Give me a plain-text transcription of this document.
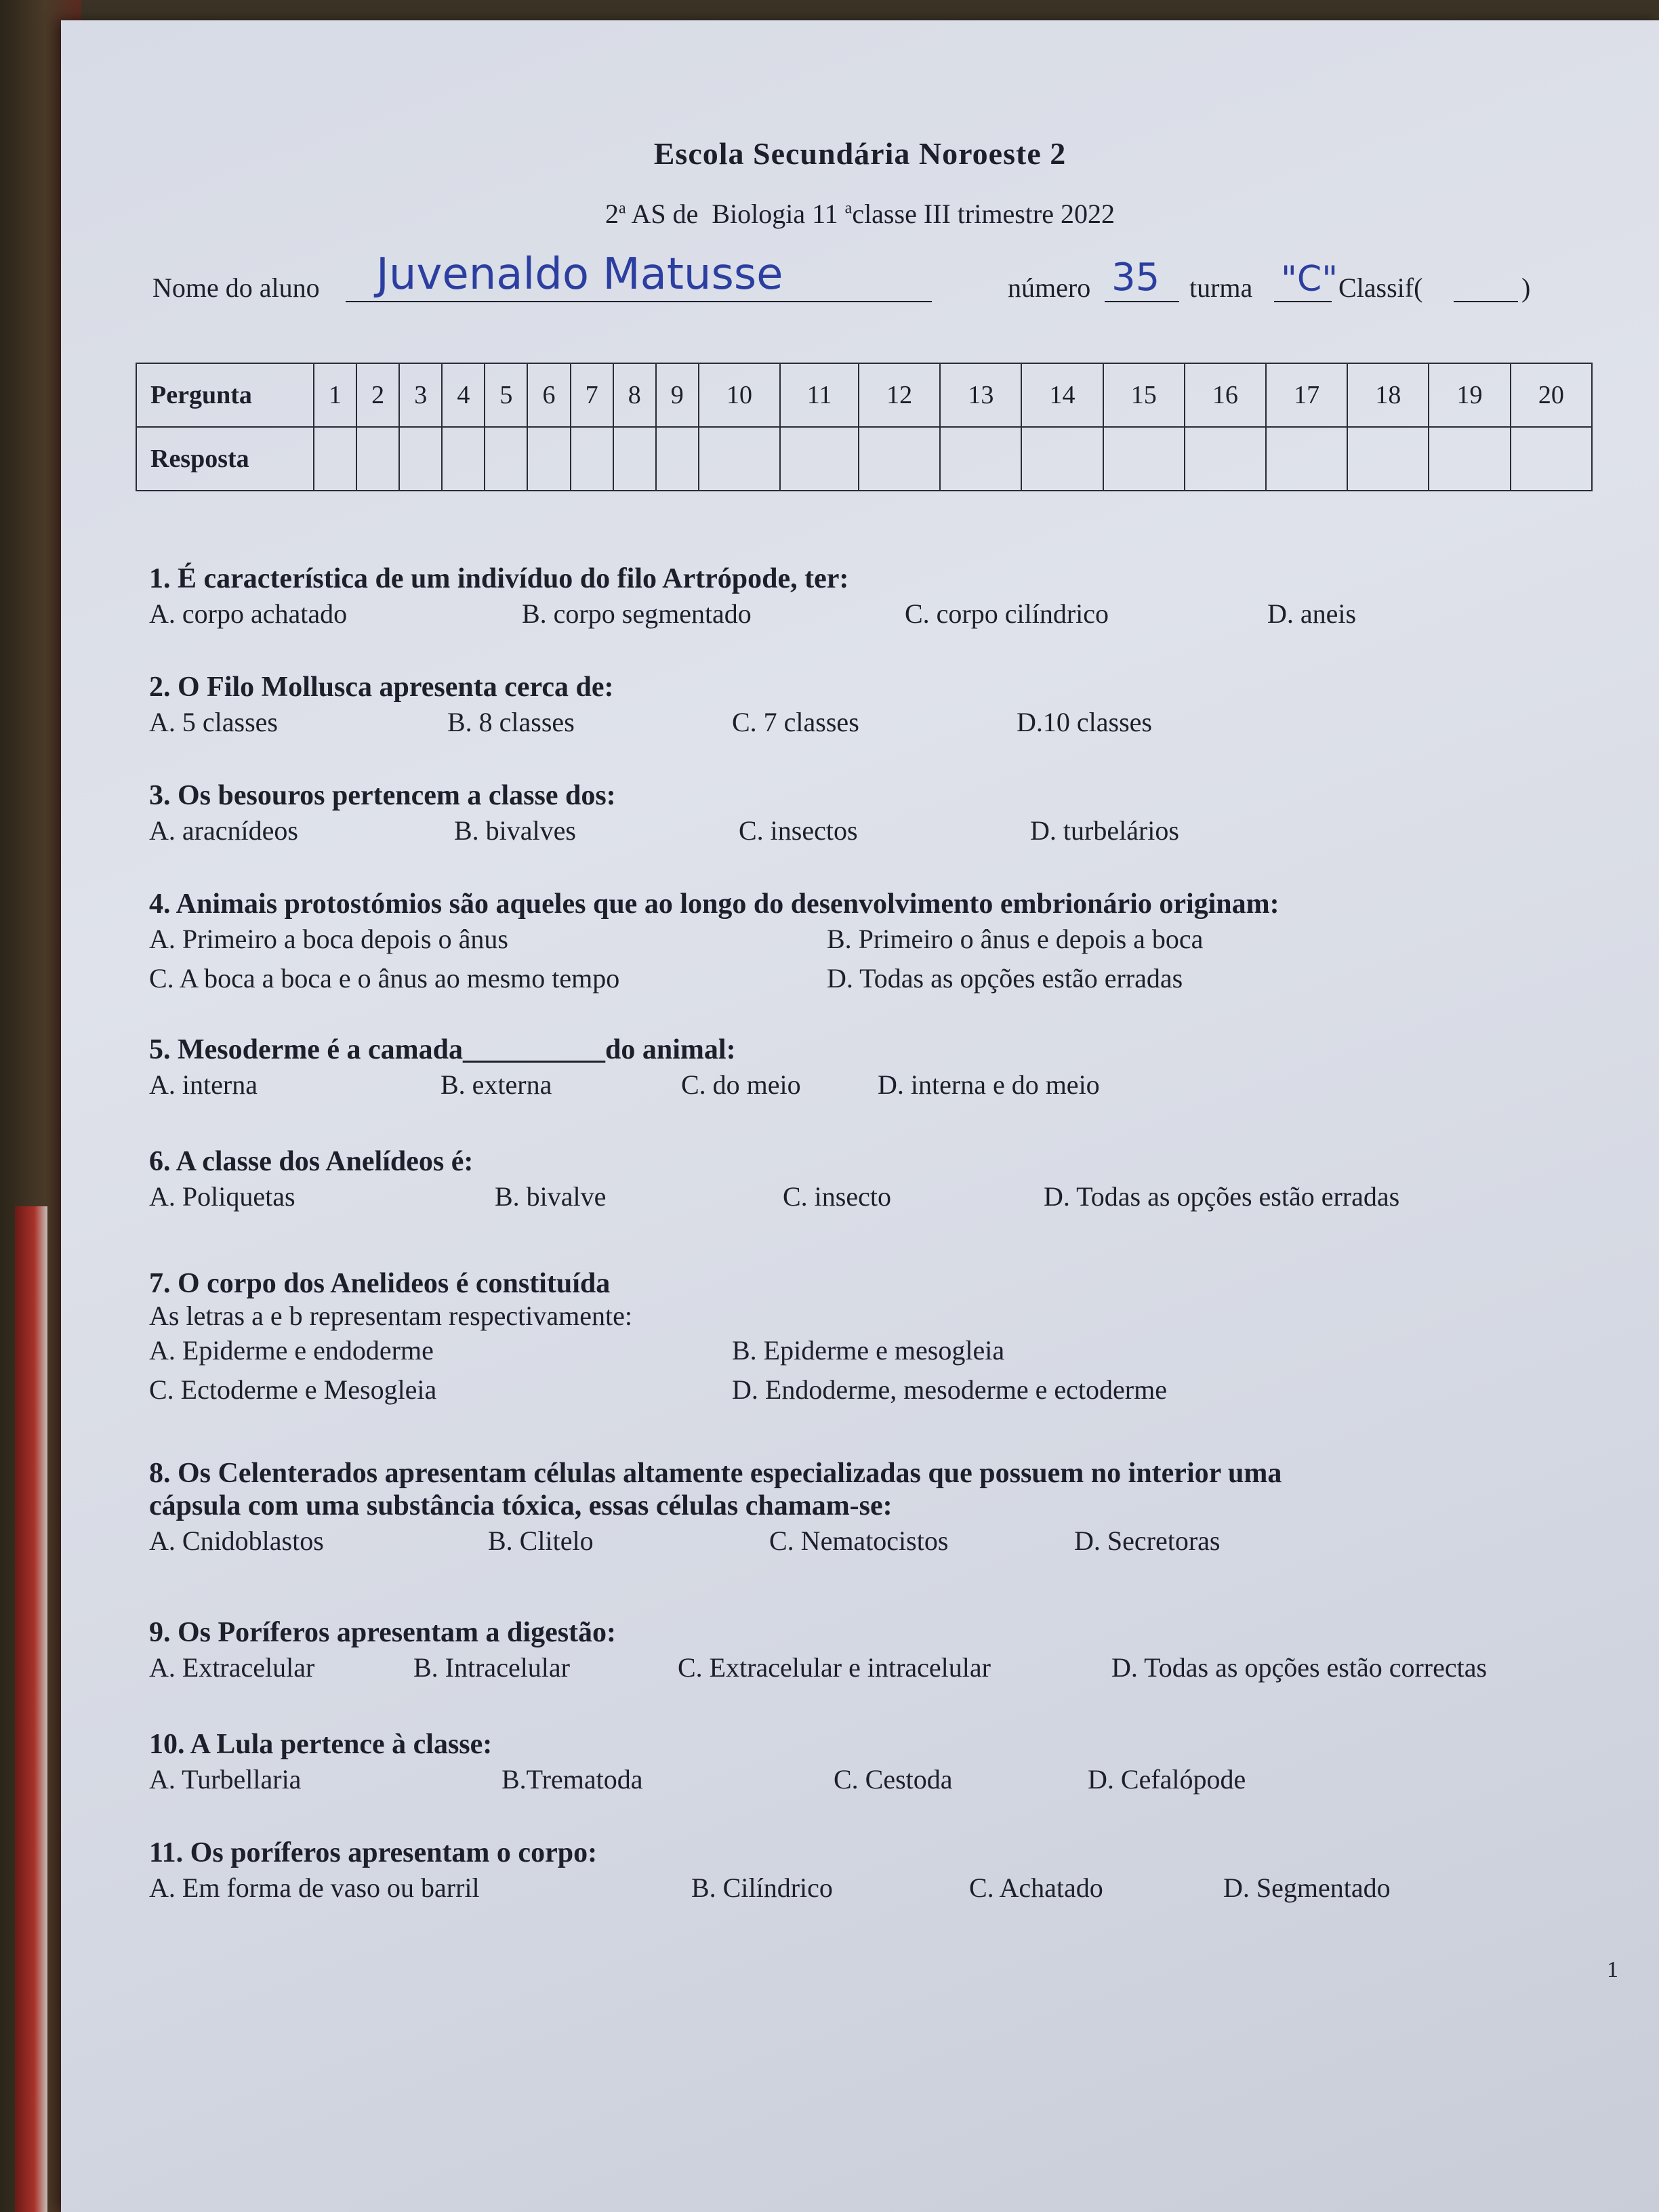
Escola Secundária Noroeste 2
2$^a$ AS de  Biologia 11 $^a$classe III trimestre 2022
Nome do aluno Juvenaldo Matusse	número 35 turma "C" Classif(	)
Pergunta	1	2	3	4	5	6	7	8	9	10	11	12	13	14	15	16	17	18	19	20
Resposta																				
1. É característica de um indivíduo do filo Artrópode, ter:
A. corpo achatado	B. corpo segmentado	C. corpo cilíndrico	D. aneis
2. O Filo Mollusca apresenta cerca de:
A. 5 classes	B. 8 classes	C. 7 classes	D.10 classes
3. Os besouros pertencem a classe dos:
A. aracnídeos	B. bivalves	C. insectos	D. turbelários
4. Animais protostómios são aqueles que ao longo do desenvolvimento embrionário originam:
A. Primeiro a boca depois o ânus	B. Primeiro o ânus e depois a boca
C. A boca a boca e o ânus ao mesmo tempo	D. Todas as opções estão erradas
5. Mesoderme é a camada__________do animal:
A. interna	B. externa	C. do meio	D. interna e do meio
6. A classe dos Anelídeos é:
A. Poliquetas	B. bivalve	C. insecto	D. Todas as opções estão erradas
7. O corpo dos Anelideos é constituída
As letras a e b representam respectivamente:
A. Epiderme e endoderme	B. Epiderme e mesogleia
C. Ectoderme e Mesogleia	D. Endoderme, mesoderme e ectoderme
8. Os Celenterados apresentam células altamente especializadas que possuem no interior uma
cápsula com uma substância tóxica, essas células chamam-se:
A. Cnidoblastos	B. Clitelo	C. Nematocistos	D. Secretoras
9. Os Poríferos apresentam a digestão:
A. Extracelular	B. Intracelular	C. Extracelular e intracelular	D. Todas as opções estão correctas
10. A Lula pertence à classe:
A. Turbellaria	B.Trematoda	C. Cestoda	D. Cefalópode
11. Os poríferos apresentam o corpo:
A. Em forma de vaso ou barril	B. Cilíndrico	C. Achatado	D. Segmentado
1
